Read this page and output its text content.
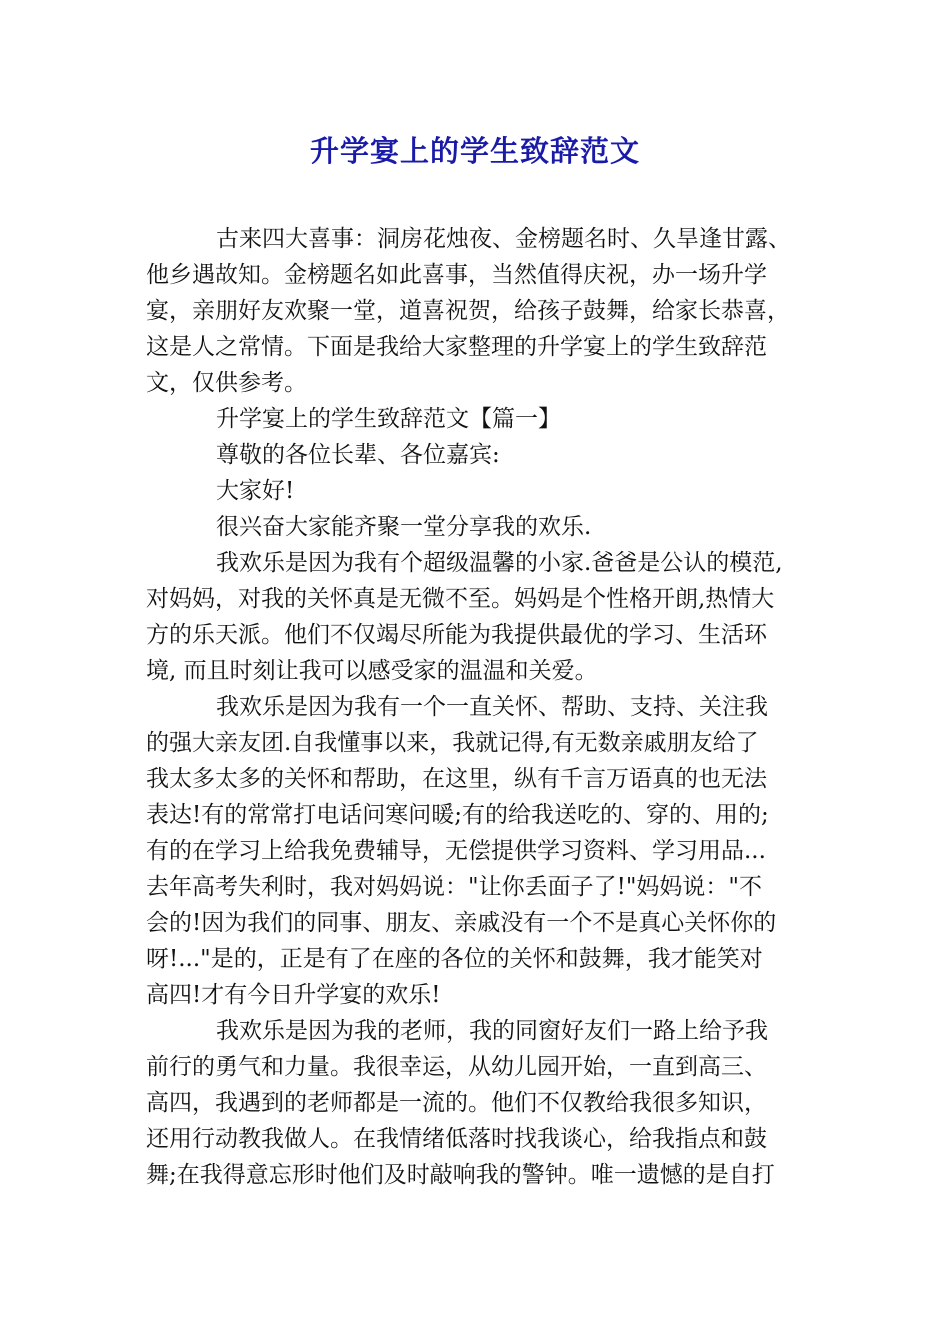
升学宴上的学生致辞范文
古来四大喜事：洞房花烛夜、金榜题名时、久旱逢甘露、
他乡遇故知。金榜题名如此喜事，当然值得庆祝，办一场升学
宴，亲朋好友欢聚一堂，道喜祝贺，给孩子鼓舞，给家长恭喜，
这是人之常情。下面是我给大家整理的升学宴上的学生致辞范
文，仅供参考。
升学宴上的学生致辞范文【篇一】
尊敬的各位长辈、各位嘉宾:
大家好!
很兴奋大家能齐聚一堂分享我的欢乐.
我欢乐是因为我有个超级温馨的小家.爸爸是公认的模范,
对妈妈，对我的关怀真是无微不至。妈妈是个性格开朗,热情大
方的乐天派。他们不仅竭尽所能为我提供最优的学习、生活环
境, 而且时刻让我可以感受家的温温和关爱。
我欢乐是因为我有一个一直关怀、帮助、支持、关注我
的强大亲友团.自我懂事以来，我就记得,有无数亲戚朋友给了
我太多太多的关怀和帮助，在这里，纵有千言万语真的也无法
表达!有的常常打电话问寒问暖;有的给我送吃的、穿的、用的;
有的在学习上给我免费辅导，无偿提供学习资料、学习用品...
去年高考失利时，我对妈妈说："让你丢面子了!"妈妈说："不
会的!因为我们的同事、朋友、亲戚没有一个不是真心关怀你的
呀!..."是的，正是有了在座的各位的关怀和鼓舞，我才能笑对
高四!才有今日升学宴的欢乐!
我欢乐是因为我的老师，我的同窗好友们一路上给予我
前行的勇气和力量。我很幸运，从幼儿园开始，一直到高三、
高四，我遇到的老师都是一流的。他们不仅教给我很多知识，
还用行动教我做人。在我情绪低落时找我谈心，给我指点和鼓
舞;在我得意忘形时他们及时敲响我的警钟。唯一遗憾的是自打
